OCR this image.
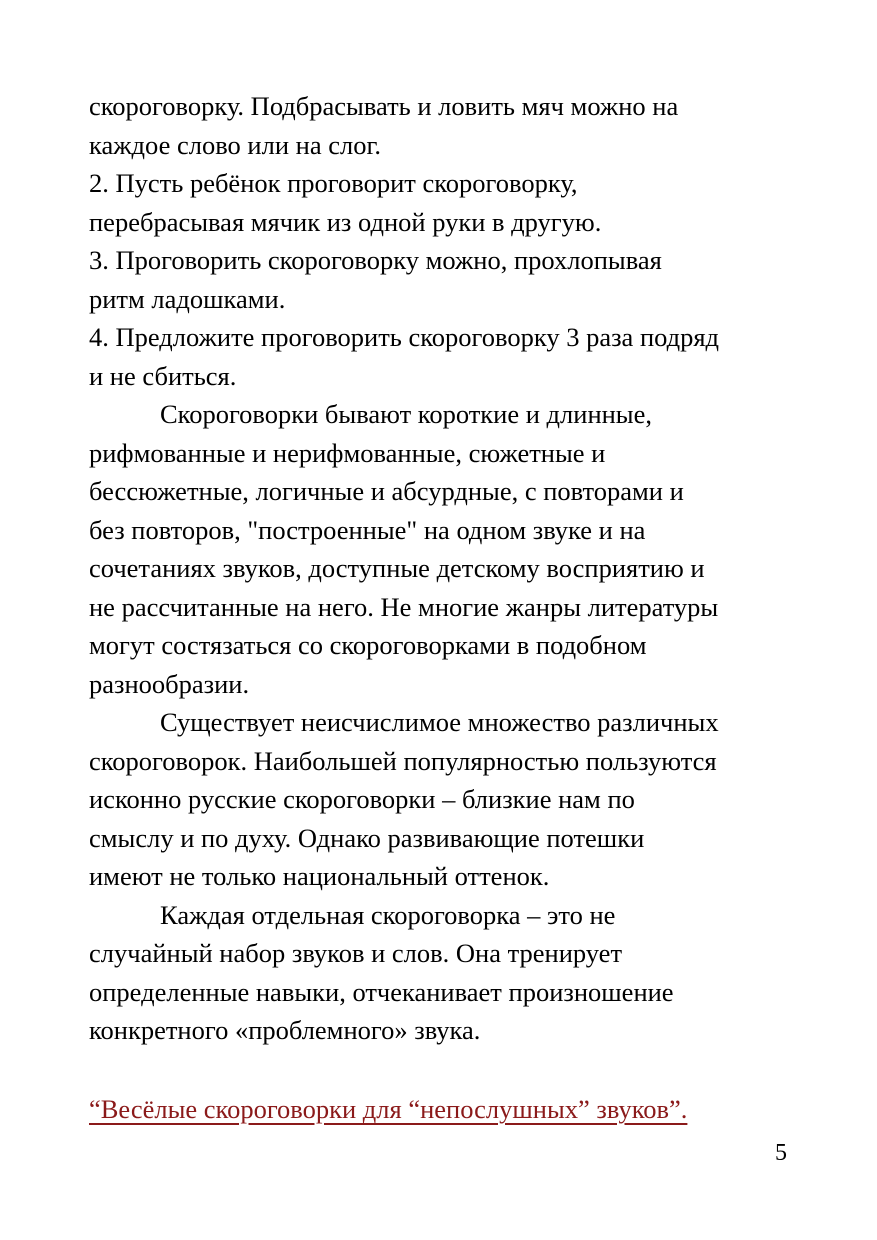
скороговорку. Подбрасывать и ловить мяч можно на

каждое слово или на слог.

2. Пусть ребёнок проговорит скороговорку,

перебрасывая мячик из одной руки в другую.

3. Проговорить скороговорку можно, прохлопывая

ритм ладошками.

4. Предложите проговорить скороговорку 3 раза подряд

и не сбиться.

Скороговорки бывают короткие и длинные,

рифмованные и нерифмованные, сюжетные и

бессюжетные, логичные и абсурдные, с повторами и

без повторов, "построенные" на одном звуке и на

сочетаниях звуков, доступные детскому восприятию и

не рассчитанные на него. Не многие жанры литературы

могут состязаться со скороговорками в подобном

разнообразии.

Существует неисчислимое множество различных

скороговорок. Наибольшей популярностью пользуются

исконно русские скороговорки – близкие нам по

смыслу и по духу. Однако развивающие потешки

имеют не только национальный оттенок.

Каждая отдельная скороговорка – это не

случайный набор звуков и слов. Она тренирует

определенные навыки, отчеканивает произношение

конкретного «проблемного» звука.

“Весёлые скороговорки для “непослушных” звуков”.
5
